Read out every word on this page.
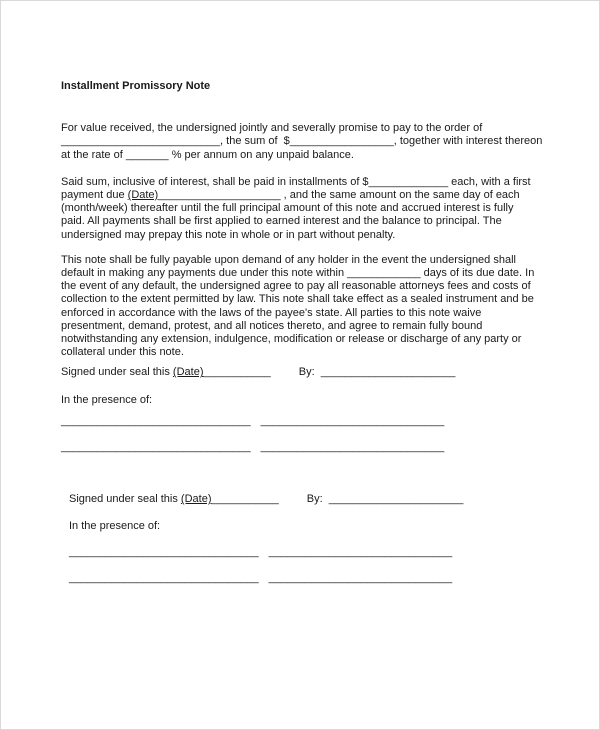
Installment Promissory Note
For value received, the undersigned jointly and severally promise to pay to the order of
__________________________, the sum of  $_________________, together with interest thereon
at the rate of _______ % per annum on any unpaid balance.
Said sum, inclusive of interest, shall be paid in installments of $_____________ each, with a first
payment due (Date)____________________ , and the same amount on the same day of each
(month/week) thereafter until the full principal amount of this note and accrued interest is fully
paid. All payments shall be first applied to earned interest and the balance to principal. The
undersigned may prepay this note in whole or in part without penalty.
This note shall be fully payable upon demand of any holder in the event the undersigned shall
default in making any payments due under this note within ____________ days of its due date. In
the event of any default, the undersigned agree to pay all reasonable attorneys fees and costs of
collection to the extent permitted by law. This note shall take effect as a sealed instrument and be
enforced in accordance with the laws of the payee's state. All parties to this note waive
presentment, demand, protest, and all notices thereto, and agree to remain fully bound
notwithstanding any extension, indulgence, modification or release or discharge of any party or
collateral under this note.
Signed under seal this (Date)___________	By:  ______________________
In the presence of:
_______________________________ ______________________________
_______________________________ ______________________________
Signed under seal this (Date)___________	By:  ______________________
In the presence of:
_______________________________ ______________________________
_______________________________ ______________________________
